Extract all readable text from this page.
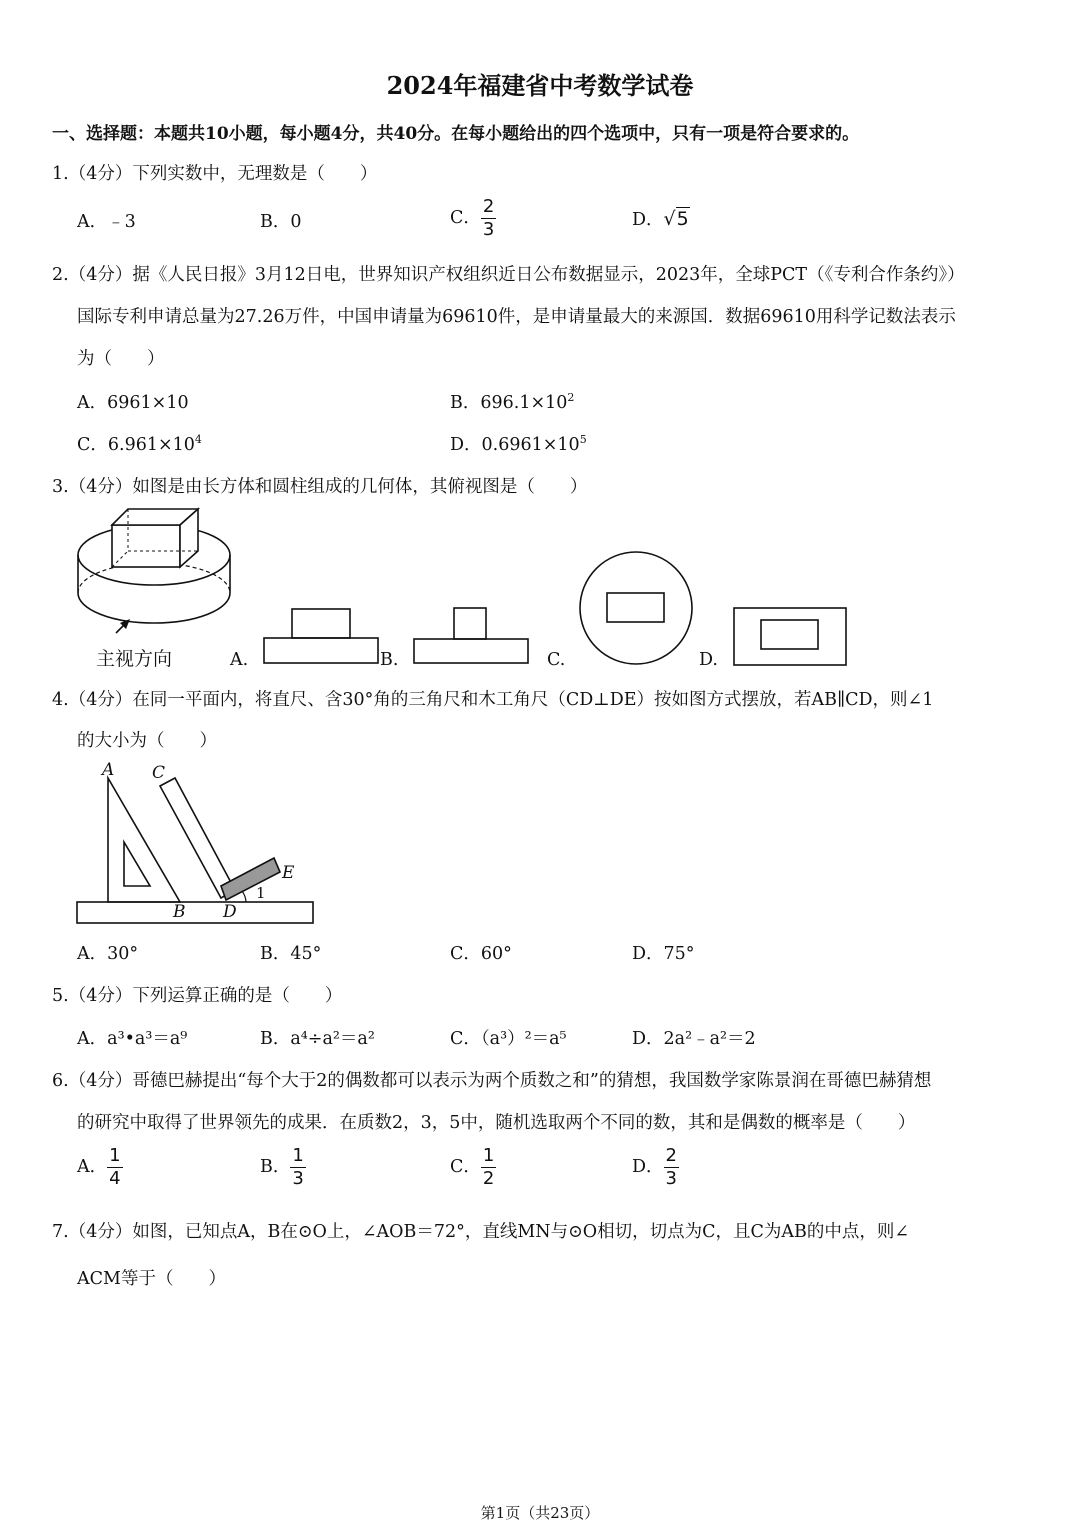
2024年福建省中考数学试卷
一、选择题：本题共10小题，每小题4分，共40分。在每小题给出的四个选项中，只有一项是符合要求的。
1.（4分）下列实数中，无理数是（　　）
A．﹣3	B．0	C． $\frac{2}{3}$	D．√5
2.（4分）据《人民日报》3月12日电，世界知识产权组织近日公布数据显示，2023年，全球PCT（《专利合作条约》）
国际专利申请总量为27.26万件，中国申请量为69610件，是申请量最大的来源国．数据69610用科学记数法表示
为（　　）
A．6961×10	B．$696.1\times 10^2$
C．$6.961\times 10^4$	D．$0.6961\times 10^5$
3.（4分）如图是由长方体和圆柱组成的几何体，其俯视图是（　　）
主视方向	A.	B.	C.	D.
4.（4分）在同一平面内，将直尺、含30°角的三角尺和木工角尺（CD⊥DE）按如图方式摆放，若AB∥CD，则∠1
的大小为（　　）
A C
E
1
B D
A．30°	B．45°	C．60°	D．75°
5.（4分）下列运算正确的是（　　）
A．a³•a³＝a⁹	B．a⁴÷a²＝a²	C．（a³）²＝a⁵	D．2a²﹣a²＝2
6.（4分）哥德巴赫提出“每个大于2的偶数都可以表示为两个质数之和”的猜想，我国数学家陈景润在哥德巴赫猜想
的研究中取得了世界领先的成果．在质数2，3，5中，随机选取两个不同的数，其和是偶数的概率是（　　）
A． $\frac{1}{4}$	B． $\frac{1}{3}$	C． $\frac{1}{2}$	D． $\frac{2}{3}$
7.（4分）如图，已知点A，B在⊙O上，∠AOB＝72°，直线MN与⊙O相切，切点为C，且C为AB的中点，则∠
ACM等于（　　）
第1页（共23页）
